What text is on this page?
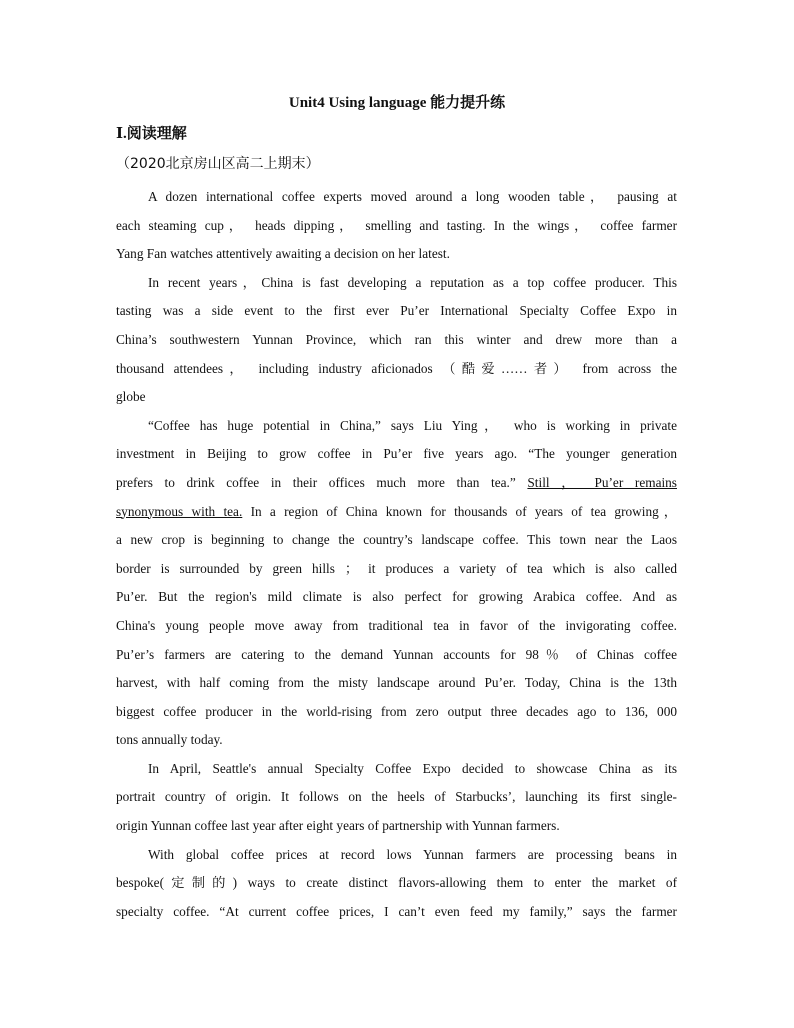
Unit4 Using language 能力提升练
Ⅰ.阅读理解
（2020北京房山区高二上期末）
A dozen international coffee experts moved around a long wooden table， pausing at
each steaming cup， heads dipping， smelling and tasting. In the wings， coffee farmer
Yang Fan watches attentively awaiting a decision on her latest.
In recent years，China is fast developing a reputation as a top coffee producer. This
tasting was a side event to the first ever Pu’er International Specialty Coffee Expo in
China’s southwestern Yunnan Province, which ran this winter and drew more than a
thousand attendees， including industry aficionados （酷爱……者） from across the
globe
“Coffee has huge potential in China,” says Liu Ying， who is working in private
investment in Beijing to grow coffee in Pu’er five years ago. “The younger generation
prefers to drink coffee in their offices much more than tea.” Still ， Pu’er remains
synonymous with tea. In a region of China known for thousands of years of tea growing，
a new crop is beginning to change the country’s landscape coffee. This town near the Laos
border is surrounded by green hills ； it produces a variety of tea which is also called
Pu’er. But the region's mild climate is also perfect for growing Arabica coffee. And as
China's young people move away from traditional tea in favor of the invigorating coffee.
Pu’er’s farmers are catering to the demand Yunnan accounts for 98％ of Chinas coffee
harvest, with half coming from the misty landscape around Pu’er. Today, China is the 13th
biggest coffee producer in the world-rising from zero output three decades ago to 136, 000
tons annually today.
In April, Seattle's annual Specialty Coffee Expo decided to showcase China as its
portrait country of origin. It follows on the heels of Starbucks’, launching its first single-
origin Yunnan coffee last year after eight years of partnership with Yunnan farmers.
With global coffee prices at record lows Yunnan farmers are processing beans in
bespoke(定制的) ways to create distinct flavors-allowing them to enter the market of
specialty coffee. “At current coffee prices, I can’t even feed my family,” says the farmer
